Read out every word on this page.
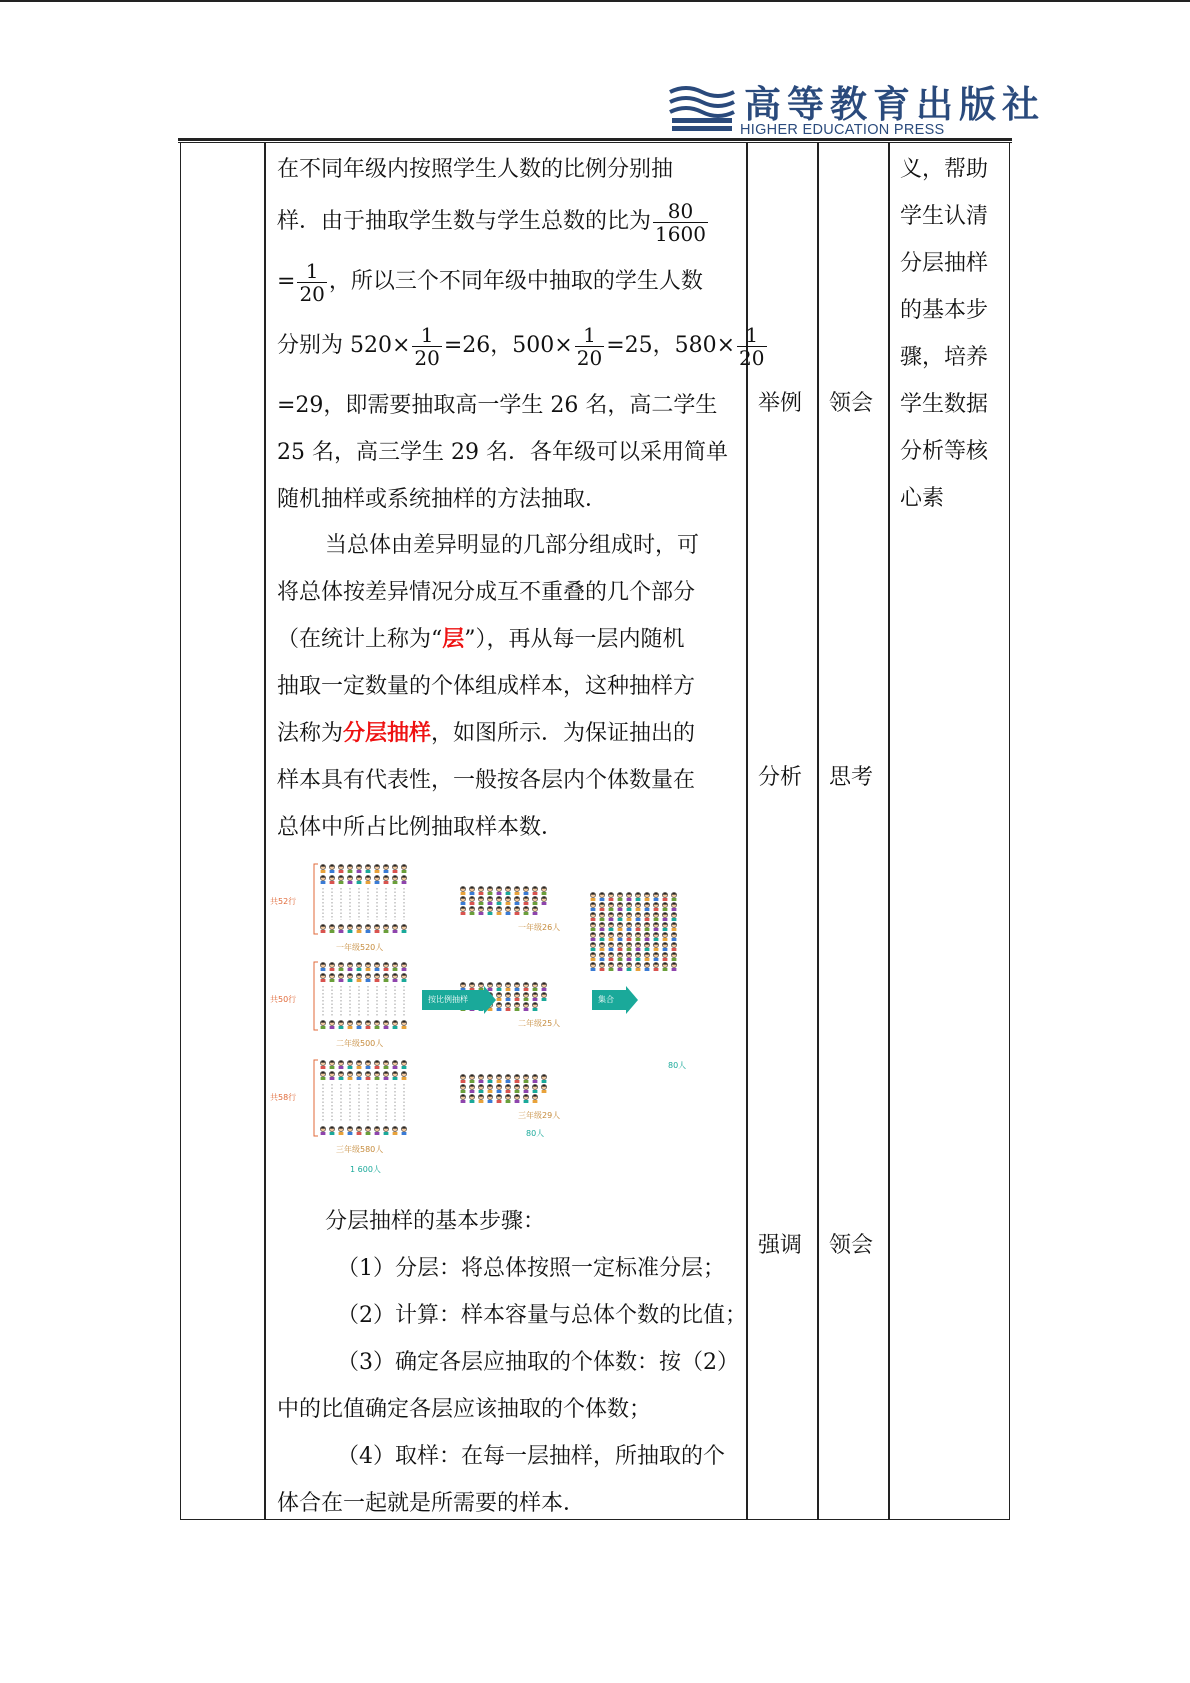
高等教育出版社
HIGHER EDUCATION PRESS
在不同年级内按照学生人数的比例分别抽
样．由于抽取学生数与学生总数的比为 $\frac{80}{1600}$
= $\frac{1}{20}$ ，所以三个不同年级中抽取的学生人数
分别为 $520\times \frac{1}{20} =26$，$500\times \frac{1}{20} =25$，$580\times \frac{1}{20}$
=29，即需要抽取高一学生 26 名，高二学生
25 名，高三学生 29 名．各年级可以采用简单
随机抽样或系统抽样的方法抽取．
当总体由差异明显的几部分组成时，可
将总体按差异情况分成互不重叠的几个部分
（在统计上称为“层”），再从每一层内随机
抽取一定数量的个体组成样本，这种抽样方
法称为分层抽样，如图所示．为保证抽出的
样本具有代表性，一般按各层内个体数量在
总体中所占比例抽取样本数．
分层抽样的基本步骤：
（1）分层：将总体按照一定标准分层；
（2）计算：样本容量与总体个数的比值；
（3）确定各层应抽取的个体数：按（2）
中的比值确定各层应该抽取的个体数；
（4）取样：在每一层抽样，所抽取的个
体合在一起就是所需要的样本．
举例
分析
强调
领会
思考
领会
义，帮助
学生认清
分层抽样
的基本步
骤，培养
学生数据
分析等核
心素
共52行
共50行
共58行
一年级520人
二年级500人
三年级580人
1 600人
按比例抽样	集合
一年级26人
二年级25人
三年级29人
80人
80人
